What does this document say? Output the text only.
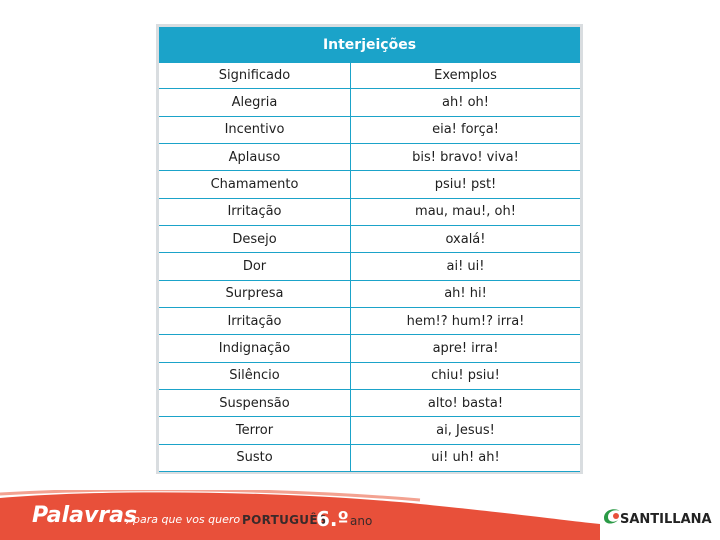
Interjeições
Significado	Exemplos
Alegria	ah! oh!
Incentivo	eia! força!
Aplauso	bis! bravo! viva!
Chamamento	psiu! pst!
Irritação	mau, mau!, oh!
Desejo	oxalá!
Dor	ai! ui!
Surpresa	ah! hi!
Irritação	hem!? hum!? irra!
Indignação	apre! irra!
Silêncio	chiu! psiu!
Suspensão	alto! basta!
Terror	ai, Jesus!
Susto	ui! uh! ah!
Palavras
, para que vos quero PORTUGUÊS
6.º ano	SANTILLANA
